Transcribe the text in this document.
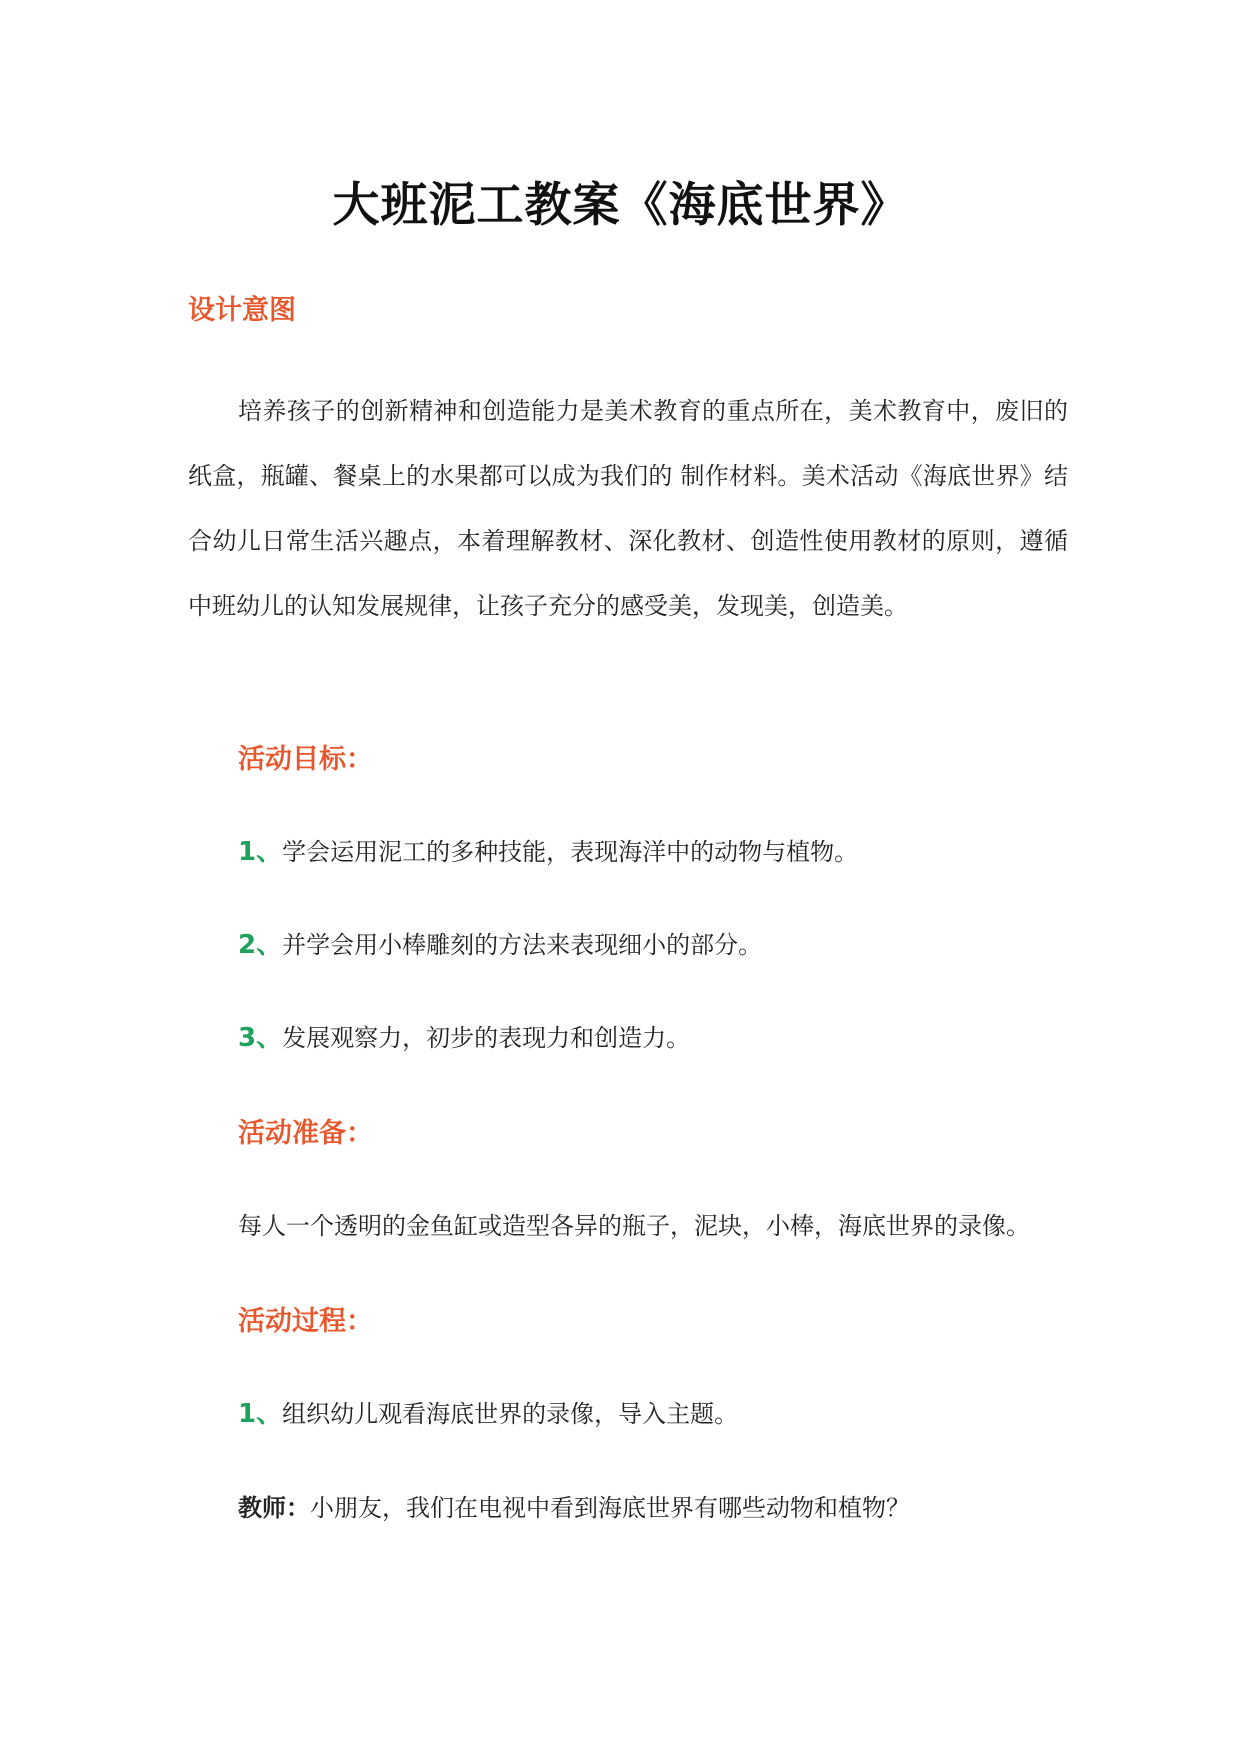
大班泥工教案《海底世界》
设计意图
培养孩子的创新精神和创造能力是美术教育的重点所在，美术教育中，废旧的纸盒，瓶罐、餐桌上的水果都可以成为我们的 制作材料。美术活动《海底世界》结合幼儿日常生活兴趣点，本着理解教材、深化教材、创造性使用教材的原则，遵循中班幼儿的认知发展规律，让孩子充分的感受美，发现美，创造美。
活动目标：
1、学会运用泥工的多种技能，表现海洋中的动物与植物。
2、并学会用小棒雕刻的方法来表现细小的部分。
3、发展观察力，初步的表现力和创造力。
活动准备：
每人一个透明的金鱼缸或造型各异的瓶子，泥块，小棒，海底世界的录像。
活动过程：
1、组织幼儿观看海底世界的录像，导入主题。
教师：小朋友，我们在电视中看到海底世界有哪些动物和植物？
